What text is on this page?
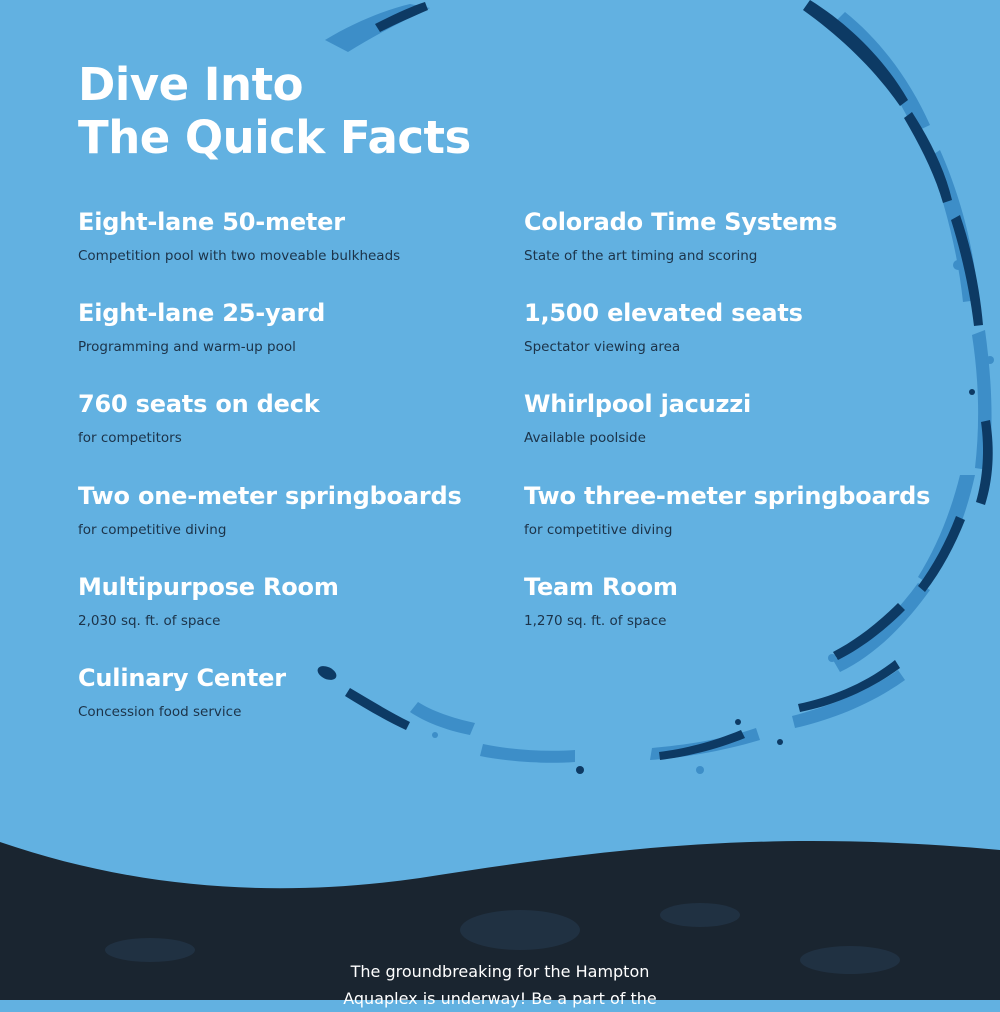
Dive Into
The Quick Facts
Eight-lane 50-meter

Competition pool with two moveable bulkheads

Colorado Time Systems

State of the art timing and scoring

Eight-lane 25-yard

Programming and warm-up pool

1,500 elevated seats

Spectator viewing area

760 seats on deck

for competitors

Whirlpool jacuzzi

Available poolside

Two one-meter springboards

for competitive diving

Two three-meter springboards

for competitive diving

Multipurpose Room

2,030 sq. ft. of space

Team Room

1,270 sq. ft. of space

Culinary Center

Concession food service

The groundbreaking for the Hampton
Aquaplex is underway! Be a part of the
